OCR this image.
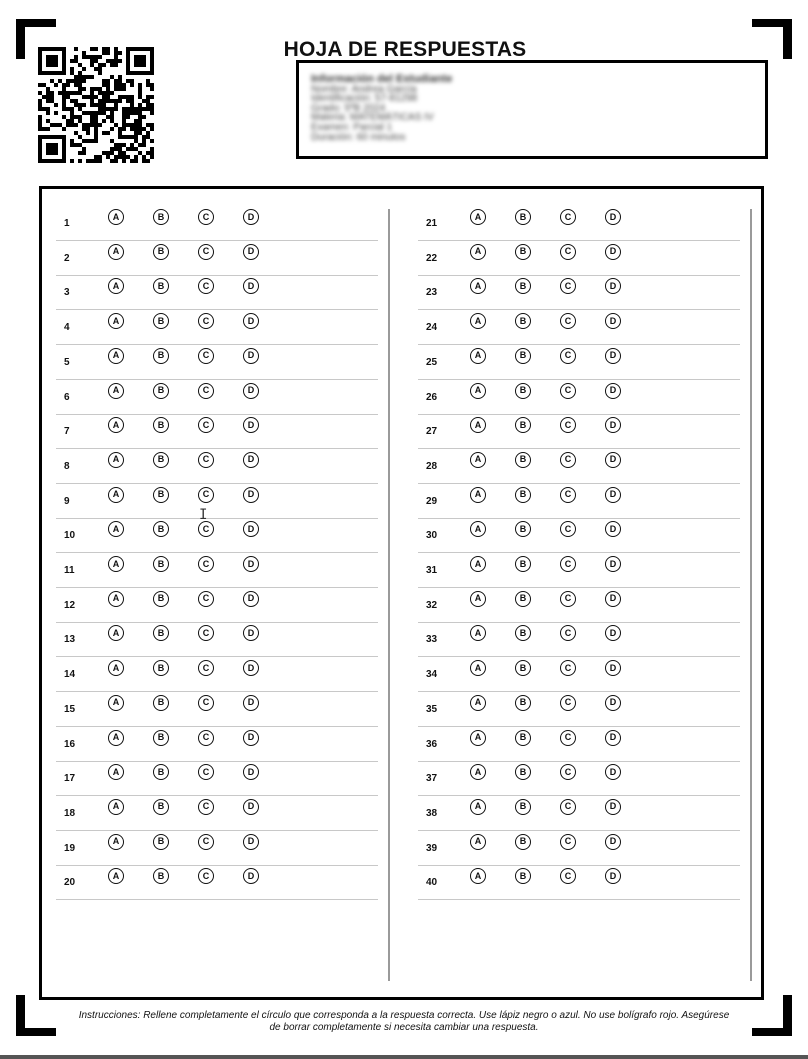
HOJA DE RESPUESTAS
Información del Estudiante
Nombre: Andrea García
Identificación: 57-81298
Grado: 5ºB 2024
Materia: MATEMÁTICAS IV
Examen: Parcial 1
Duración: 60 minutos
1
A	B	C	D
2
A	B	C	D
3
A	B	C	D
4
A	B	C	D
5
A	B	C	D
6
A	B	C	D
7
A	B	C	D
8
A	B	C	D
9
A	B	C	D
10
A	B	C	D
11
A	B	C	D
12
A	B	C	D
13
A	B	C	D
14
A	B	C	D
15
A	B	C	D
16
A	B	C	D
17
A	B	C	D
18
A	B	C	D
19
A	B	C	D
20
A	B	C	D
21
A	B	C	D
22
A	B	C	D
23
A	B	C	D
24
A	B	C	D
25
A	B	C	D
26
A	B	C	D
27
A	B	C	D
28
A	B	C	D
29
A	B	C	D
30
A	B	C	D
31
A	B	C	D
32
A	B	C	D
33
A	B	C	D
34
A	B	C	D
35
A	B	C	D
36
A	B	C	D
37
A	B	C	D
38
A	B	C	D
39
A	B	C	D
40
A	B	C	D
I
Instrucciones: Rellene completamente el círculo que corresponda a la respuesta correcta. Use lápiz negro o azul. No use bolígrafo rojo. Asegúrese
de borrar completamente si necesita cambiar una respuesta.
